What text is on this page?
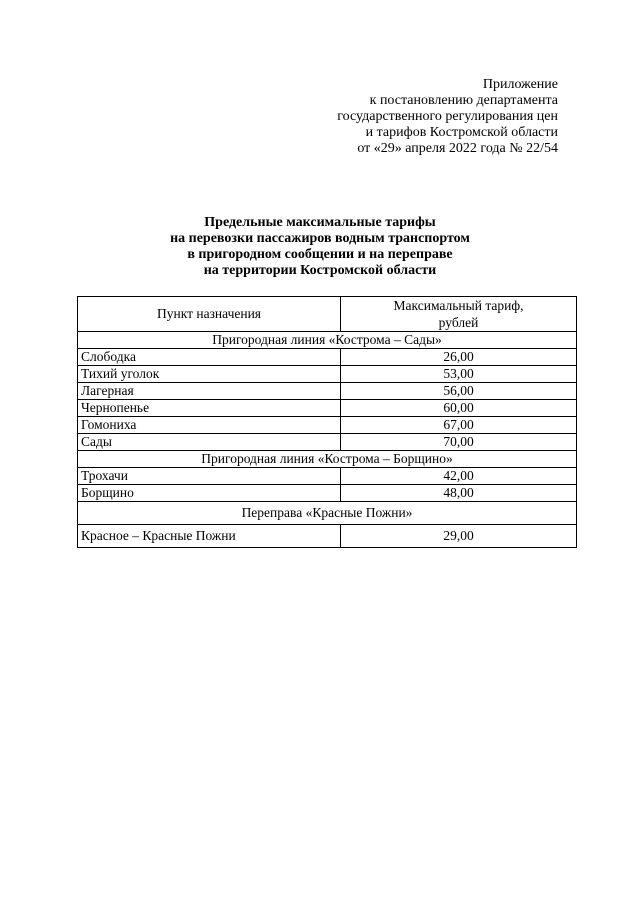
Приложение
к постановлению департамента
государственного регулирования цен
и тарифов Костромской области
от «29» апреля 2022 года № 22/54
Предельные максимальные тарифы
на перевозки пассажиров водным транспортом
в пригородном сообщении и на переправе
на территории Костромской области
Пункт назначения	Максимальный тариф,
рублей

Пригородная линия «Кострома – Сады»	
Слободка	26,00
Тихий уголок	53,00
Лагерная	56,00
Чернопенье	60,00
Гомониха	67,00
Сады	70,00
Пригородная линия «Кострома – Борщино»	
Трохачи	42,00
Борщино	48,00
Переправа «Красные Пожни»	
Красное – Красные Пожни	29,00
